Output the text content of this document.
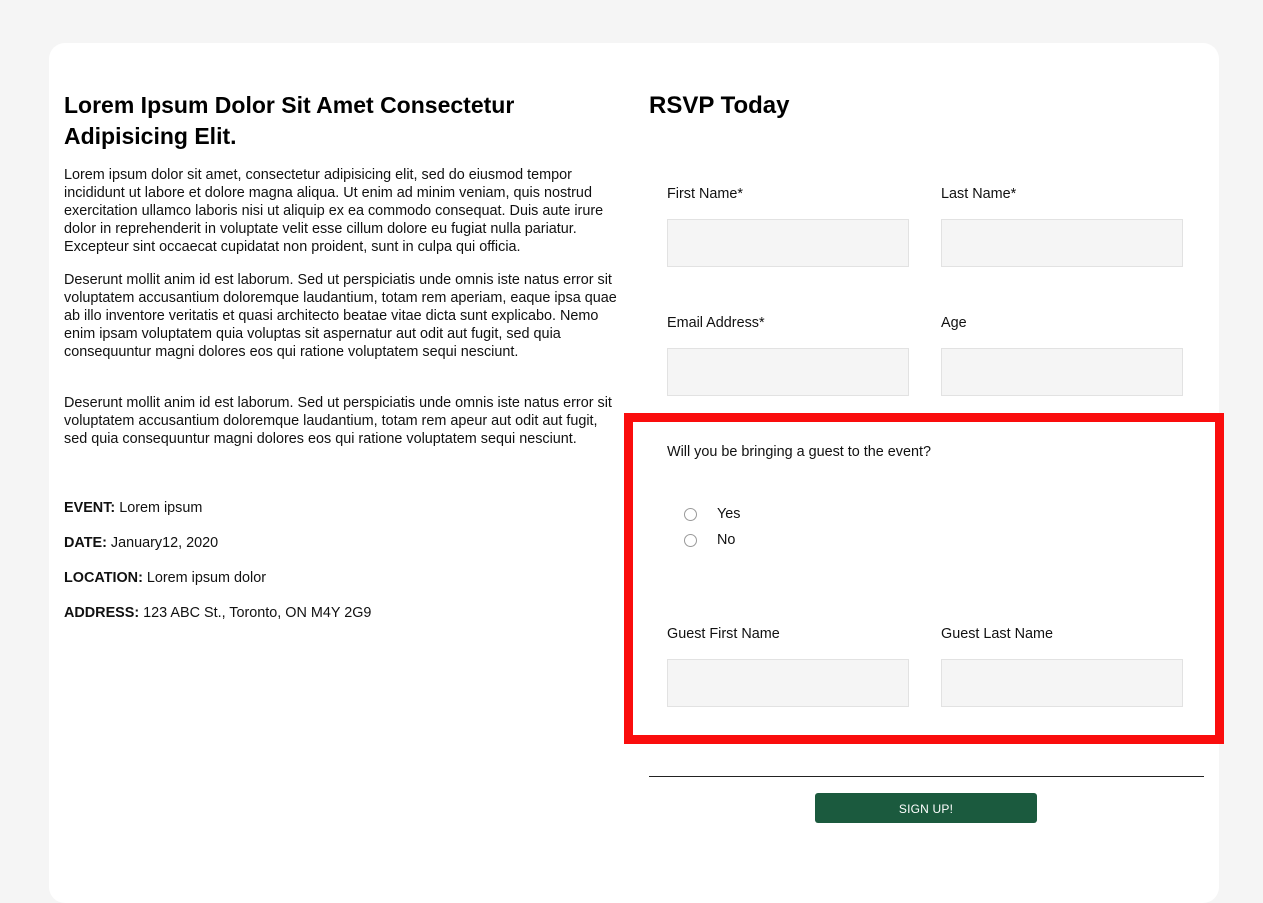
Lorem Ipsum Dolor Sit Amet Consectetur Adipisicing Elit.

Lorem ipsum dolor sit amet, consectetur adipisicing elit, sed do eiusmod tempor incididunt ut labore et dolore magna aliqua. Ut enim ad minim veniam, quis nostrud exercitation ullamco laboris nisi ut aliquip ex ea commodo consequat. Duis aute irure dolor in reprehenderit in voluptate velit esse cillum dolore eu fugiat nulla pariatur. Excepteur sint occaecat cupidatat non proident, sunt in culpa qui officia.

Deserunt mollit anim id est laborum. Sed ut perspiciatis unde omnis iste natus error sit voluptatem accusantium doloremque laudantium, totam rem aperiam, eaque ipsa quae ab illo inventore veritatis et quasi architecto beatae vitae dicta sunt explicabo. Nemo enim ipsam voluptatem quia voluptas sit aspernatur aut odit aut fugit, sed quia consequuntur magni dolores eos qui ratione voluptatem sequi nesciunt.

Deserunt mollit anim id est laborum. Sed ut perspiciatis unde omnis iste natus error sit voluptatem accusantium doloremque laudantium, totam rem apeur aut odit aut fugit, sed quia consequuntur magni dolores eos qui ratione voluptatem sequi nesciunt.

EVENT: Lorem ipsum

DATE: January12, 2020

LOCATION: Lorem ipsum dolor

ADDRESS: 123 ABC St., Toronto, ON M4Y 2G9

RSVP Today
First Name*	Last Name*
Email Address*	Age
Will you be bringing a guest to the event?
Yes
No
Guest First Name	Guest Last Name
SIGN UP!
